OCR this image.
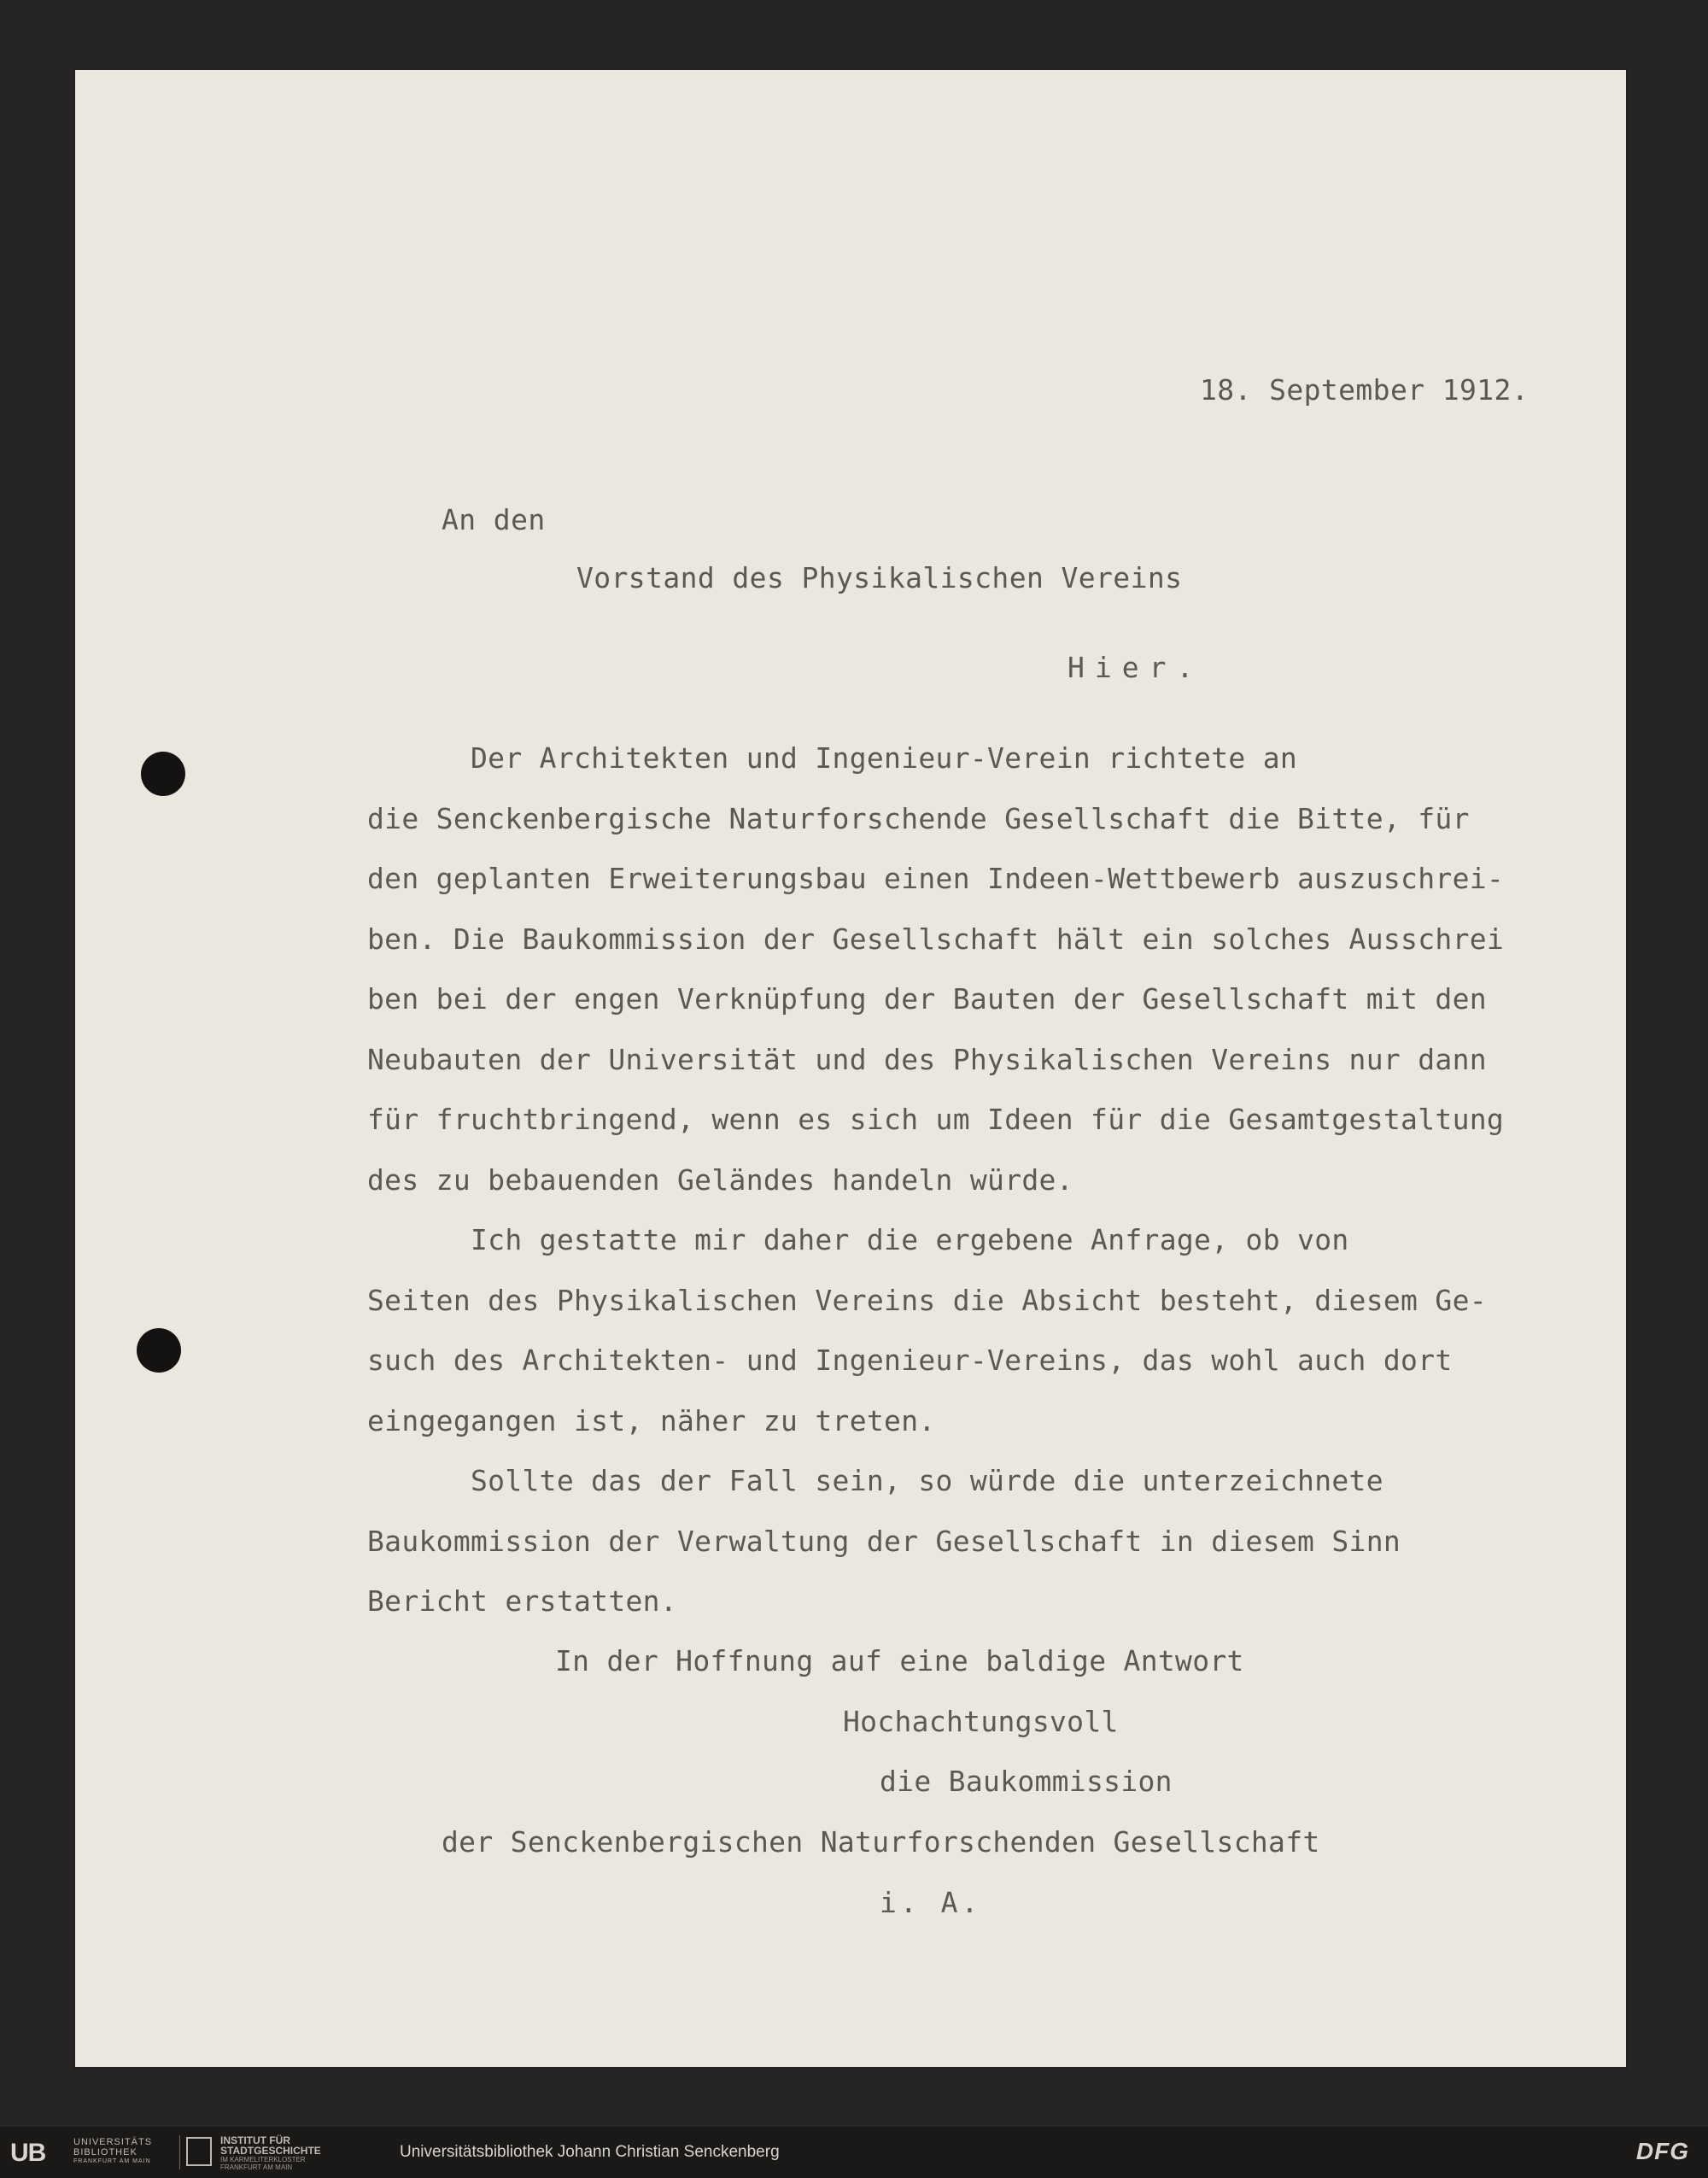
18. September 1912.
An den
Vorstand des Physikalischen Vereins
Hier.
Der Architekten und Ingenieur-Verein richtete an
die Senckenbergische Naturforschende Gesellschaft die Bitte, für
den geplanten Erweiterungsbau einen Indeen-Wettbewerb auszuschrei-
ben. Die Baukommission der Gesellschaft hält ein solches Ausschrei
ben bei der engen Verknüpfung der Bauten der Gesellschaft mit den
Neubauten der Universität und des Physikalischen Vereins nur dann
für fruchtbringend, wenn es sich um Ideen für die Gesamtgestaltung
des zu bebauenden Geländes handeln würde.
Ich gestatte mir daher die ergebene Anfrage, ob von
Seiten des Physikalischen Vereins die Absicht besteht, diesem Ge-
such des Architekten- und Ingenieur-Vereins, das wohl auch dort
eingegangen ist, näher zu treten.
Sollte das der Fall sein, so würde die unterzeichnete
Baukommission der Verwaltung der Gesellschaft in diesem Sinn
Bericht erstatten.
In der Hoffnung auf eine baldige Antwort
Hochachtungsvoll
die Baukommission
der Senckenbergischen Naturforschenden Gesellschaft
i. A.
UB	UNIVERSITÄTS
BIBLIOTHEK
FRANKFURT AM MAIN
INSTITUT FÜR
STADTGESCHICHTE
IM KARMELITERKLOSTER
FRANKFURT AM MAIN
Universitätsbibliothek Johann Christian Senckenberg	DFG
